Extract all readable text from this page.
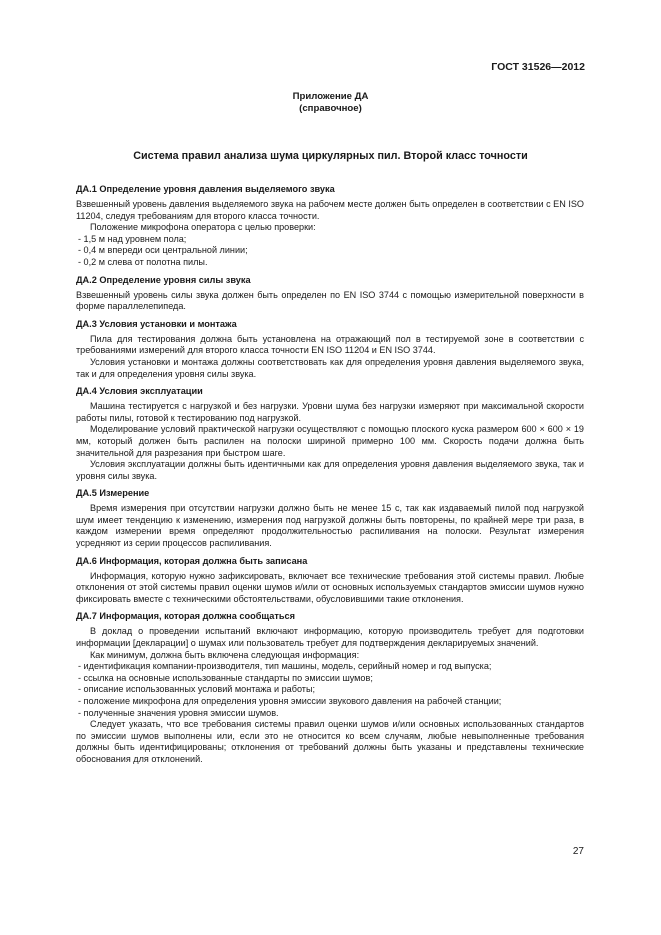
ГОСТ 31526—2012
Приложение ДА
(справочное)
Система правил анализа шума циркулярных пил. Второй класс точности
ДА.1 Определение уровня давления выделяемого звука

Взвешенный уровень давления выделяемого звука на рабочем месте должен быть определен в соответствии с EN ISO 11204, следуя требованиям для второго класса точности.

Положение микрофона оператора с целью проверки:

- 1,5 м над уровнем пола;

- 0,4 м впереди оси центральной линии;

- 0,2 м слева от полотна пилы.

ДА.2 Определение уровня силы звука

Взвешенный уровень силы звука должен быть определен по EN ISO 3744 с помощью измерительной поверхности в форме параллелепипеда.

ДА.3 Условия установки и монтажа

Пила для тестирования должна быть установлена на отражающий пол в тестируемой зоне в соответствии с требованиями измерений для второго класса точности EN ISO 11204 и EN ISO 3744.

Условия установки и монтажа должны соответствовать как для определения уровня давления выделяемого звука, так и для определения уровня силы звука.

ДА.4 Условия эксплуатации

Машина тестируется с нагрузкой и без нагрузки. Уровни шума без нагрузки измеряют при максимальной скорости работы пилы, готовой к тестированию под нагрузкой.

Моделирование условий практической нагрузки осуществляют с помощью плоского куска размером 600 × 600 × 19 мм, который должен быть распилен на полоски шириной примерно 100 мм. Скорость подачи должна быть значительной для разрезания при быстром шаге.

Условия эксплуатации должны быть идентичными как для определения уровня давления выделяемого звука, так и уровня силы звука.

ДА.5 Измерение

Время измерения при отсутствии нагрузки должно быть не менее 15 с, так как издаваемый пилой под нагрузкой шум имеет тенденцию к изменению, измерения под нагрузкой должны быть повторены, по крайней мере три раза, в каждом измерении время определяют продолжительностью распиливания на полоски. Результат измерения усредняют из серии процессов распиливания.

ДА.6 Информация, которая должна быть записана

Информация, которую нужно зафиксировать, включает все технические требования этой системы правил. Любые отклонения от этой системы правил оценки шумов и/или от основных используемых стандартов эмиссии шумов нужно фиксировать вместе с техническими обстоятельствами, обусловившими такие отклонения.

ДА.7 Информация, которая должна сообщаться

В доклад о проведении испытаний включают информацию, которую производитель требует для подготовки информации [декларации] о шумах или пользователь требует для подтверждения декларируемых значений.

Как минимум, должна быть включена следующая информация:

- идентификация компании-производителя, тип машины, модель, серийный номер и год выпуска;

- ссылка на основные использованные стандарты по эмиссии шумов;

- описание использованных условий монтажа и работы;

- положение микрофона для определения уровня эмиссии звукового давления на рабочей станции;

- полученные значения уровня эмиссии шумов.

Следует указать, что все требования системы правил оценки шумов и/или основных использованных стандартов по эмиссии шумов выполнены или, если это не относится ко всем случаям, любые невыполненные требования должны быть идентифицированы; отклонения от требований должны быть указаны и представлены технические обоснования для отклонений.

27
